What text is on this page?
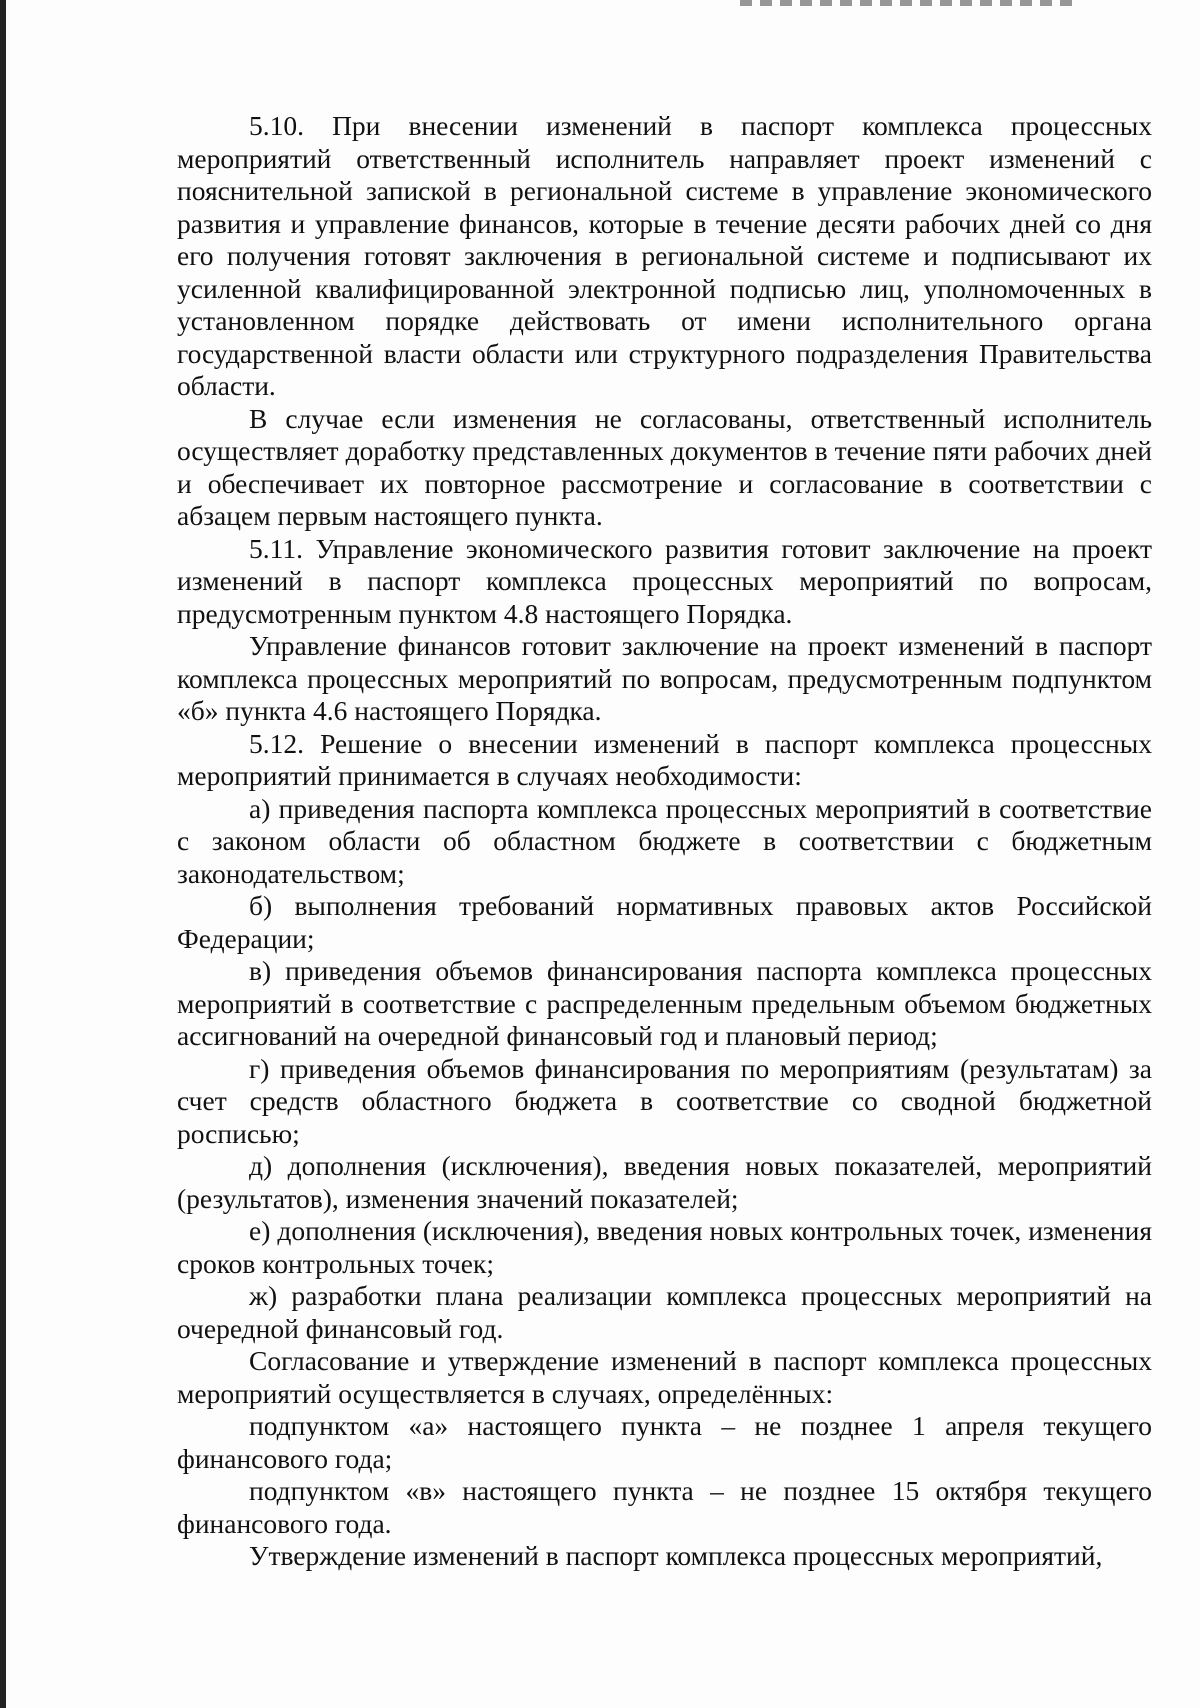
5.10. При внесении изменений в паспорт комплекса процессных мероприятий ответственный исполнитель направляет проект изменений с пояснительной запиской в региональной системе в управление экономического развития и управление финансов, которые в течение десяти рабочих дней со дня его получения готовят заключения в региональной системе и подписывают их усиленной квалифицированной электронной подписью лиц, уполномоченных в установленном порядке действовать от имени исполнительного органа государственной власти области или структурного подразделения Правительства области.

В случае если изменения не согласованы, ответственный исполнитель осуществляет доработку представленных документов в течение пяти рабочих дней и обеспечивает их повторное рассмотрение и согласование в соответствии с абзацем первым настоящего пункта.

5.11. Управление экономического развития готовит заключение на проект изменений в паспорт комплекса процессных мероприятий по вопросам, предусмотренным пунктом 4.8 настоящего Порядка.

Управление финансов готовит заключение на проект изменений в паспорт комплекса процессных мероприятий по вопросам, предусмотренным подпунктом «б» пункта 4.6 настоящего Порядка.

5.12. Решение о внесении изменений в паспорт комплекса процессных мероприятий принимается в случаях необходимости:

а) приведения паспорта комплекса процессных мероприятий в соответствие с законом области об областном бюджете в соответствии с бюджетным законодательством;

б) выполнения требований нормативных правовых актов Российской Федерации;

в) приведения объемов финансирования паспорта комплекса процессных мероприятий в соответствие с распределенным предельным объемом бюджетных ассигнований на очередной финансовый год и плановый период;

г) приведения объемов финансирования по мероприятиям (результатам) за счет средств областного бюджета в соответствие со сводной бюджетной росписью;

д) дополнения (исключения), введения новых показателей, мероприятий (результатов), изменения значений показателей;

е) дополнения (исключения), введения новых контрольных точек, изменения сроков контрольных точек;

ж) разработки плана реализации комплекса процессных мероприятий на очередной финансовый год.

Согласование и утверждение изменений в паспорт комплекса процессных мероприятий осуществляется в случаях, определённых:

подпунктом «а» настоящего пункта – не позднее 1 апреля текущего финансового года;

подпунктом «в» настоящего пункта – не позднее 15 октября текущего финансового года.

Утверждение изменений в паспорт комплекса процессных мероприятий,
